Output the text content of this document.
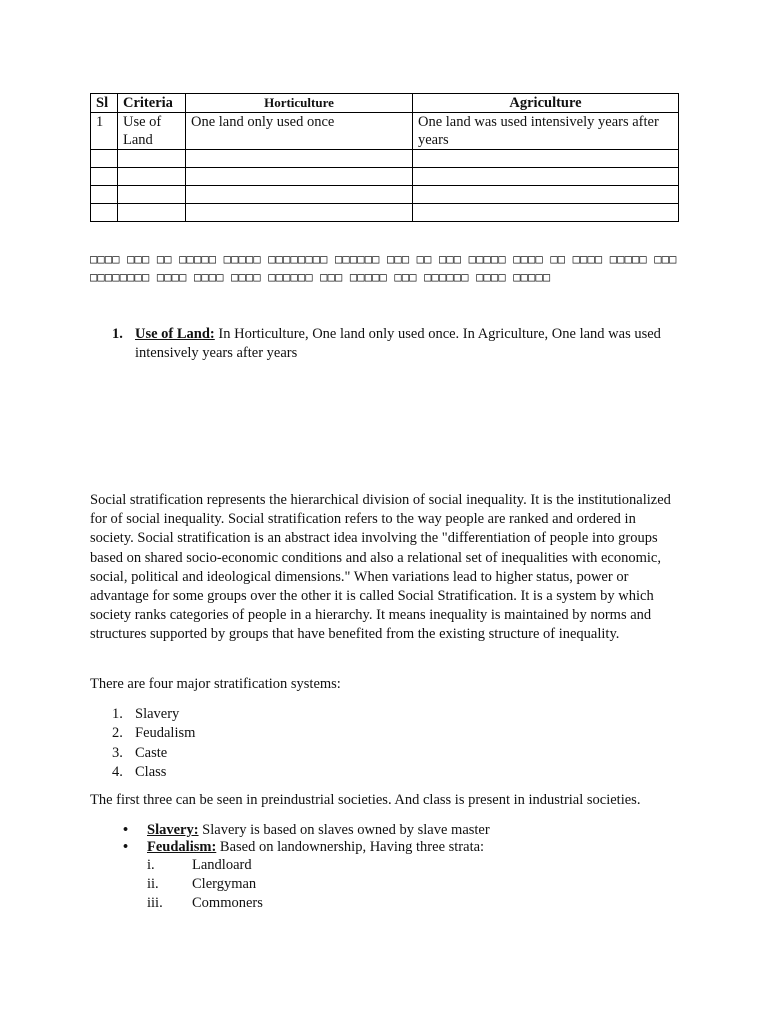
Sl	Criteria	Horticulture	Agriculture
1	Use of Land	One land only used once	One land was used intensively years after years

□□□□ □□□ □□ □□□□□ □□□□□ □□□□□□□□ □□□□□□ □□□ □□ □□□ □□□□□ □□□□ □□ □□□□ □□□□□ □□□□□□□□□□□ □□□□ □□□□ □□□□ □□□□□□ □□□ □□□□□ □□□ □□□□□□ □□□□ □□□□□
1. Use of Land: In Horticulture, One land only used once. In Agriculture, One land was used intensively years after years
Social stratification represents the hierarchical division of social inequality. It is the institutionalized for of social inequality. Social stratification refers to the way people are ranked and ordered in society. Social stratification is an abstract idea involving the "differentiation of people into groups based on shared socio-economic conditions and also a relational set of inequalities with economic, social, political and ideological dimensions." When variations lead to higher status, power or advantage for some groups over the other it is called Social Stratification. It is a system by which society ranks categories of people in a hierarchy. It means inequality is maintained by norms and structures supported by groups that have benefited from the existing structure of inequality.
There are four major stratification systems:
1. Slavery
2. Feudalism
3. Caste
4. Class
The first three can be seen in preindustrial societies. And class is present in industrial societies.
• Slavery: Slavery is based on slaves owned by slave master
• Feudalism: Based on landownership, Having three strata:
i.	Landloard
ii. Clergyman
iii. Commoners
